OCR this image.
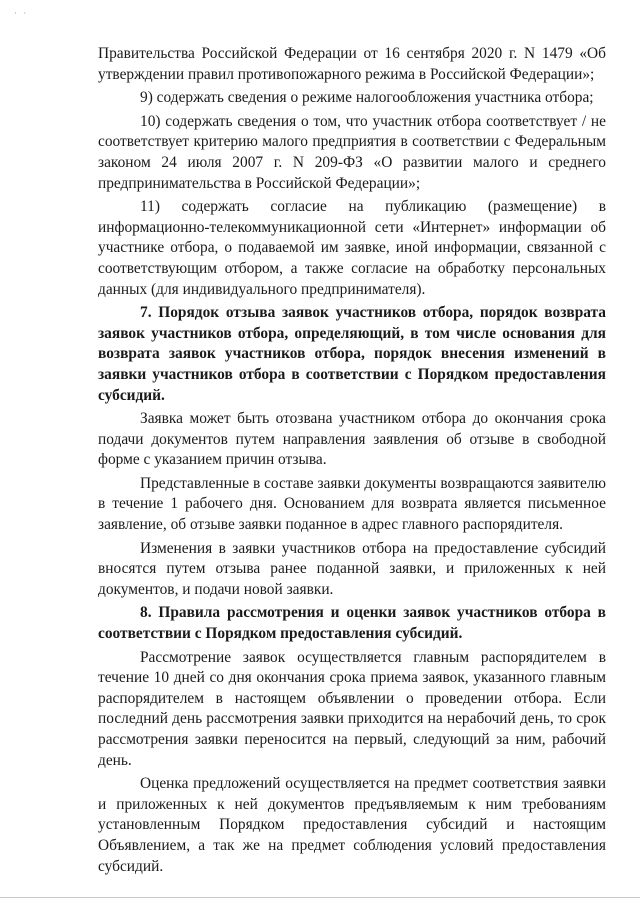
· ·

Правительства Российской Федерации от 16 сентября 2020 г. N 1479 «Об утверждении правил противопожарного режима в Российской Федерации»;

9) содержать сведения о режиме налогообложения участника отбора;

10) содержать сведения о том, что участник отбора соответствует / не соответствует критерию малого предприятия в соответствии с Федеральным законом 24 июля 2007 г. N 209-ФЗ «О развитии малого и среднего предпринимательства в Российской Федерации»;

11) содержать согласие на публикацию (размещение) в информационно-телекоммуникационной сети «Интернет» информации об участнике отбора, о подаваемой им заявке, иной информации, связанной с соответствующим отбором, а также согласие на обработку персональных данных (для индивидуального предпринимателя).

7. Порядок отзыва заявок участников отбора, порядок возврата заявок участников отбора, определяющий, в том числе основания для возврата заявок участников отбора, порядок внесения изменений в заявки участников отбора в соответствии с Порядком предоставления субсидий.

Заявка может быть отозвана участником отбора до окончания срока подачи документов путем направления заявления об отзыве в свободной форме с указанием причин отзыва.

Представленные в составе заявки документы возвращаются заявителю в течение 1 рабочего дня. Основанием для возврата является письменное заявление, об отзыве заявки поданное в адрес главного распорядителя.

Изменения в заявки участников отбора на предоставление субсидий вносятся путем отзыва ранее поданной заявки, и приложенных к ней документов, и подачи новой заявки.

8. Правила рассмотрения и оценки заявок участников отбора в соответствии с Порядком предоставления субсидий.

Рассмотрение заявок осуществляется главным распорядителем в течение 10 дней со дня окончания срока приема заявок, указанного главным распорядителем в настоящем объявлении о проведении отбора. Если последний день рассмотрения заявки приходится на нерабочий день, то срок рассмотрения заявки переносится на первый, следующий за ним, рабочий день.

Оценка предложений осуществляется на предмет соответствия заявки и приложенных к ней документов предъявляемым к ним требованиям установленным Порядком предоставления субсидий и настоящим Объявлением, а так же на предмет соблюдения условий предоставления субсидий.
